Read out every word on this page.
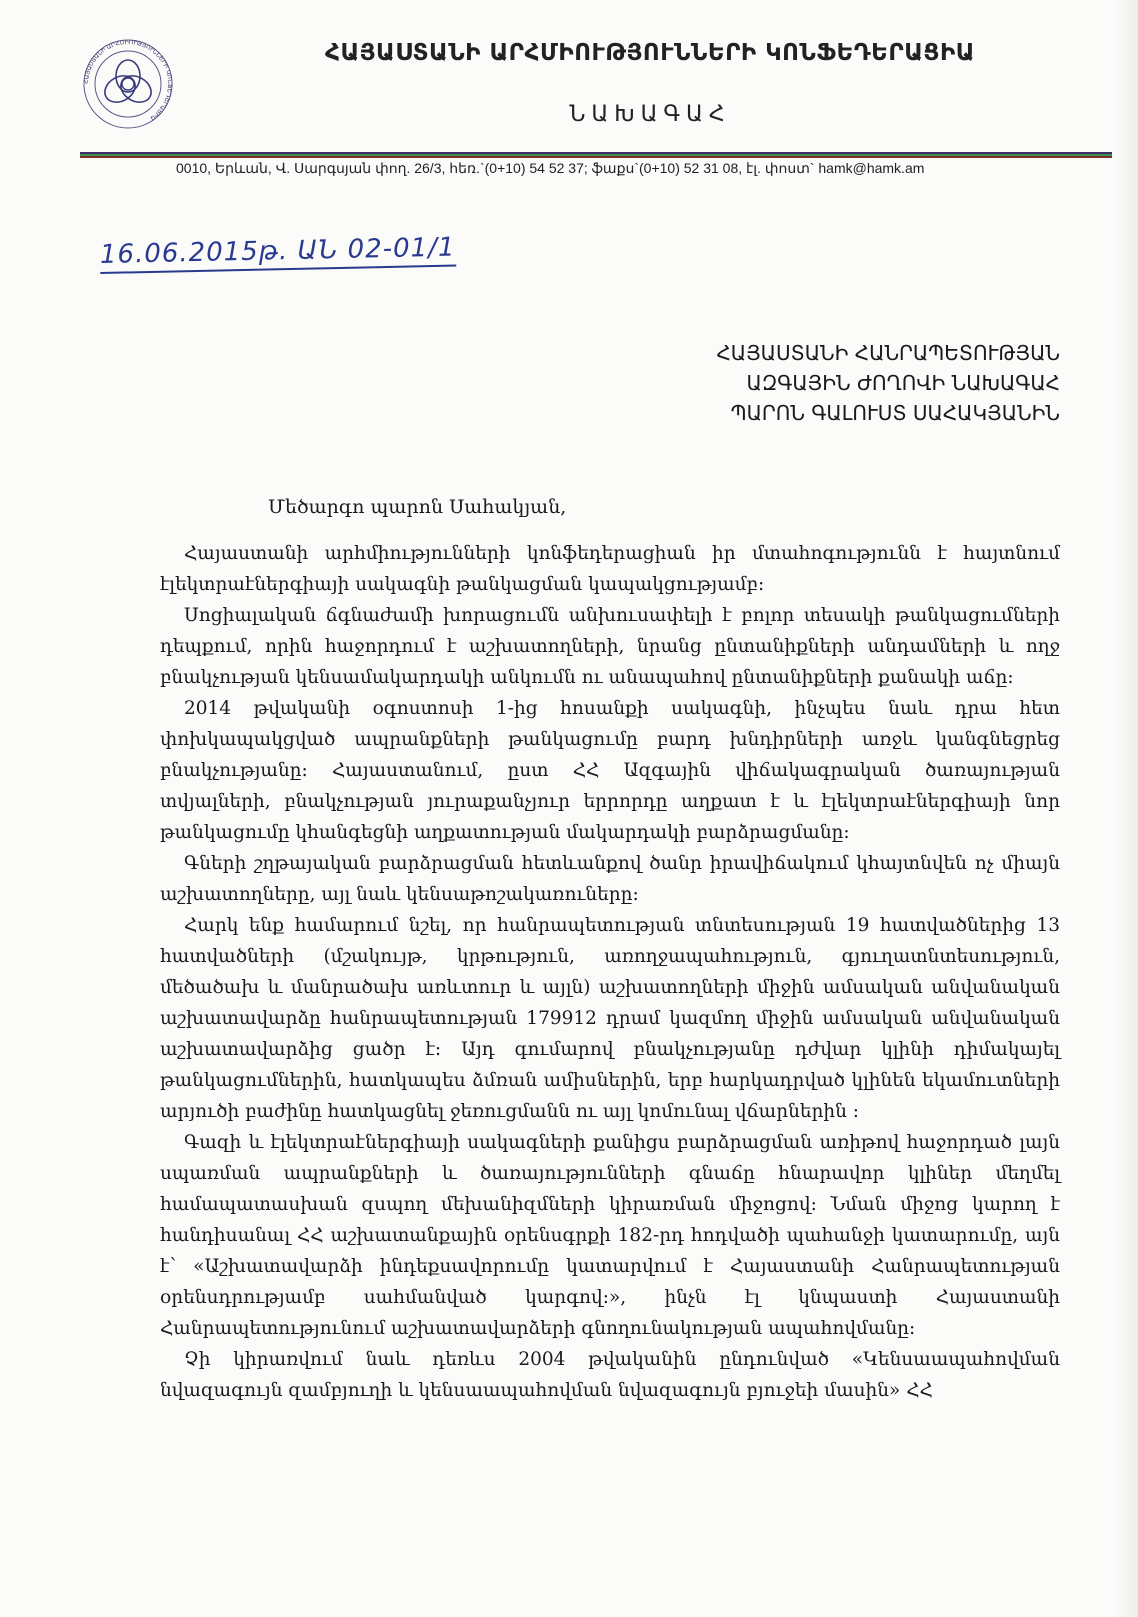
ՀԱՅԱՍՏԱՆԻ ԱՐՀՄԻՈՒԹՅՈՒՆՆԵՐԻ ԿՈՆՖԵԴԵՐԱՑԻԱ
ՀԱՅԱՍՏԱՆԻ ԱՐՀՄԻՈՒԹՅՈՒՆՆԵՐԻ ԿՈՆՖԵԴԵՐԱՑԻԱ
ՆԱԽԱԳԱՀ
0010, Երևան, Վ. Սարգսյան փող. 26/3, հեռ.`(0+10) 54 52 37; ֆաքս`(0+10) 52 31 08, էլ. փոստ` hamk@hamk.am
16.06.2015թ. ԱՆ 02-01/1
ՀԱՅԱՍՏԱՆԻ ՀԱՆՐԱՊԵՏՈՒԹՅԱՆ
ԱԶԳԱՅԻՆ ԺՈՂՈՎԻ ՆԱԽԱԳԱՀ
ՊԱՐՈՆ ԳԱԼՈՒՍՏ ՍԱՀԱԿՅԱՆԻՆ
Մեծարգո պարոն Սահակյան,

Հայաստանի արհմիությունների կոնֆեդերացիան իր մտահոգությունն է հայտնում էլեկտրաէներգիայի սակագնի թանկացման կապակցությամբ:

Սոցիալական ճգնաժամի խորացումն անխուսափելի է բոլոր տեսակի թանկացումների դեպքում, որին հաջորդում է աշխատողների, նրանց ընտանիքների անդամների և ողջ բնակչության կենսամակարդակի անկումն ու անապահով ընտանիքների քանակի աճը:

2014 թվականի օգոստոսի 1-ից հոսանքի սակագնի, ինչպես նաև դրա հետ փոխկապակցված ապրանքների թանկացումը բարդ խնդիրների առջև կանգնեցրեց բնակչությանը: Հայաստանում, ըստ ՀՀ Ազգային վիճակագրական ծառայության տվյալների, բնակչության յուրաքանչյուր երրորդը աղքատ է և էլեկտրաէներգիայի նոր թանկացումը կհանգեցնի աղքատության մակարդակի բարձրացմանը:

Գների շղթայական բարձրացման հետևանքով ծանր իրավիճակում կհայտնվեն ոչ միայն աշխատողները, այլ նաև կենսաթոշակառուները:

Հարկ ենք համարում նշել, որ հանրապետության տնտեսության 19 հատվածներից 13 հատվածների (մշակույթ, կրթություն, առողջապահություն, գյուղատնտեսություն, մեծածախ և մանրածախ առևտուր և այլն) աշխատողների միջին ամսական անվանական աշխատավարձը հանրապետության 179912 դրամ կազմող միջին ամսական անվանական աշխատավարձից ցածր է: Այդ գումարով բնակչությանը դժվար կլինի դիմակայել թանկացումներին, հատկապես ձմռան ամիսներին, երբ հարկադրված կլինեն եկամուտների արյուծի բաժինը հատկացնել ջեռուցմանն ու այլ կոմունալ վճարներին :

Գազի և էլեկտրաէներգիայի սակագների քանիցս բարձրացման առիթով հաջորդած լայն սպառման ապրանքների և ծառայությունների գնաճը հնարավոր կլիներ մեղմել համապատասխան զսպող մեխանիզմների կիրառման միջոցով: Նման միջոց կարող է հանդիսանալ ՀՀ աշխատանքային օրենսգրքի 182-րդ հոդվածի պահանջի կատարումը, այն է՝ «Աշխատավարձի ինդեքսավորումը կատարվում է Հայաստանի Հանրապետության օրենսդրությամբ սահմանված կարգով:», ինչն էլ կնպաստի Հայաստանի Հանրապետությունում աշխատավարձերի գնողունակության ապահովմանը:

Չի կիրառվում նաև դեռևս 2004 թվականին ընդունված «Կենսաապահովման նվազագույն զամբյուղի և կենսաապահովման նվազագույն բյուջեի մասին» ՀՀ
